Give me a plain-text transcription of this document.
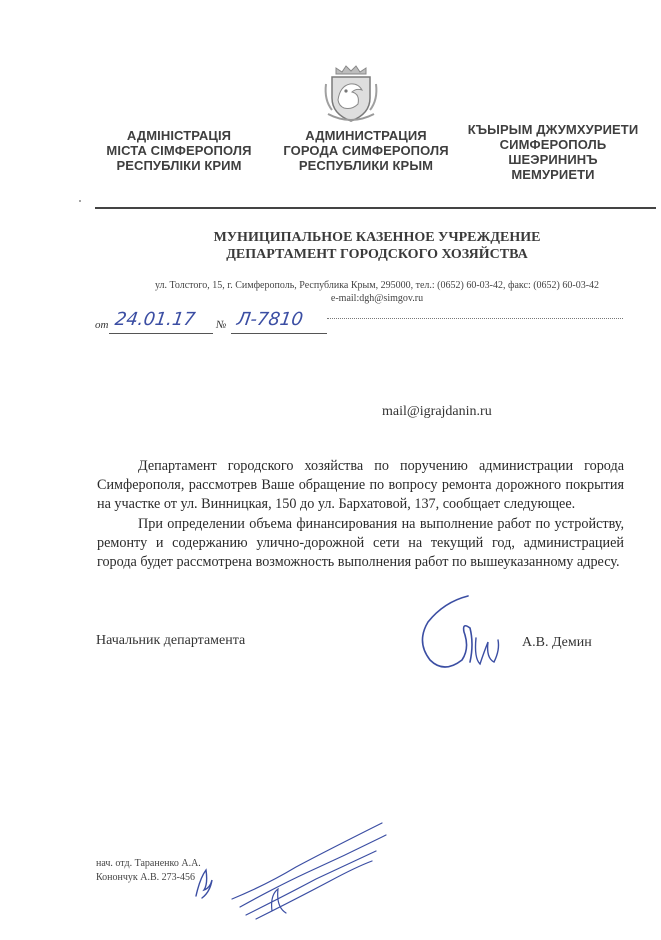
АДМІНІСТРАЦІЯ
МІСТА СІМФЕРОПОЛЯ
РЕСПУБЛІКИ КРИМ
АДМИНИСТРАЦИЯ
ГОРОДА СИМФЕРОПОЛЯ
РЕСПУБЛИКИ КРЫМ
КЪЫРЫМ ДЖУМХУРИЕТИ
СИМФЕРОПОЛЬ
ШЕЭРИНИНЪ
МЕМУРИЕТИ
МУНИЦИПАЛЬНОЕ КАЗЕННОЕ УЧРЕЖДЕНИЕ
ДЕПАРТАМЕНТ ГОРОДСКОГО ХОЗЯЙСТВА
ул. Толстого, 15, г. Симферополь, Республика Крым, 295000, тел.: (0652) 60-03-42, факс: (0652) 60-03-42
e-mail:dgh@simgov.ru
от 24.01.17 № Л-7810
mail@igrajdanin.ru

Департамент городского хозяйства по поручению администрации города Симферополя, рассмотрев Ваше обращение по вопросу ремонта дорожного покрытия на участке от ул. Винницкая, 150 до ул. Бархатовой, 137, сообщает следующее.

При определении объема финансирования на выполнение работ по устройству, ремонту и содержанию улично-дорожной сети на текущий год, администрацией города будет рассмотрена возможность выполнения работ по вышеуказанному адресу.

Начальник департамента	А.В. Демин
нач. отд. Тараненко А.А.
Конончук А.В. 273-456
